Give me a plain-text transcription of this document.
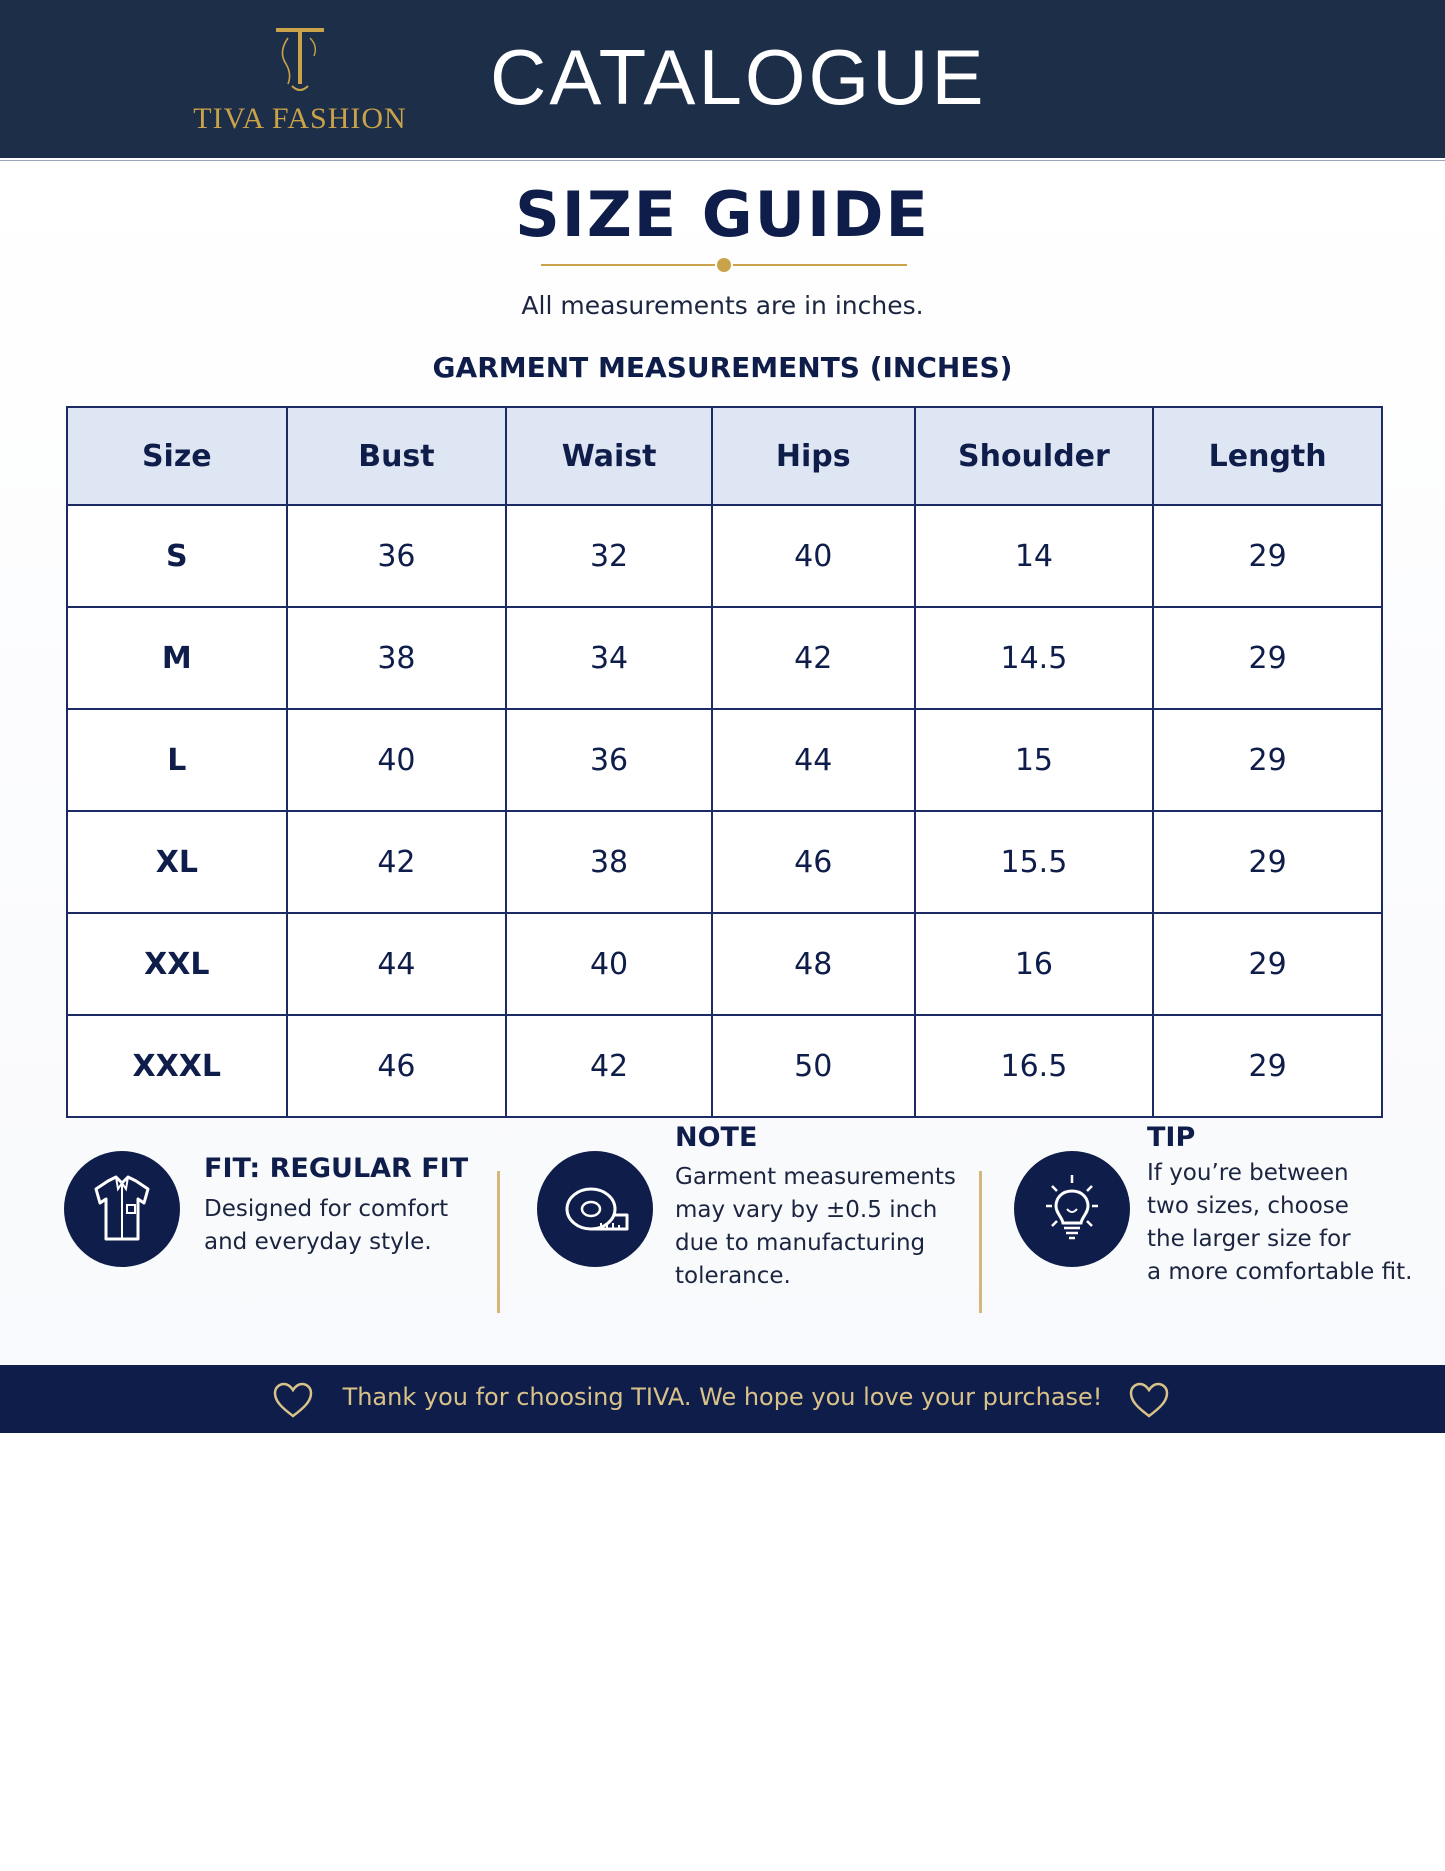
TIVA FASHION CATALOGUE
SIZE GUIDE
All measurements are in inches.
GARMENT MEASUREMENTS (INCHES)
Size	Bust	Waist	Hips	Shoulder	Length
S	36	32	40	14	29
M	38	34	42	14.5	29
L	40	36	44	15	29
XL	42	38	46	15.5	29
XXL	44	40	48	16	29
XXXL	46	42	50	16.5	29
FIT: REGULAR FIT
Designed for comfort
and everyday style.
NOTE
Garment measurements
may vary by ±0.5 inch
due to manufacturing
tolerance.
TIP
If you’re between
two sizes, choose
the larger size for
a more comfortable fit.
Thank you for choosing TIVA. We hope you love your purchase!
